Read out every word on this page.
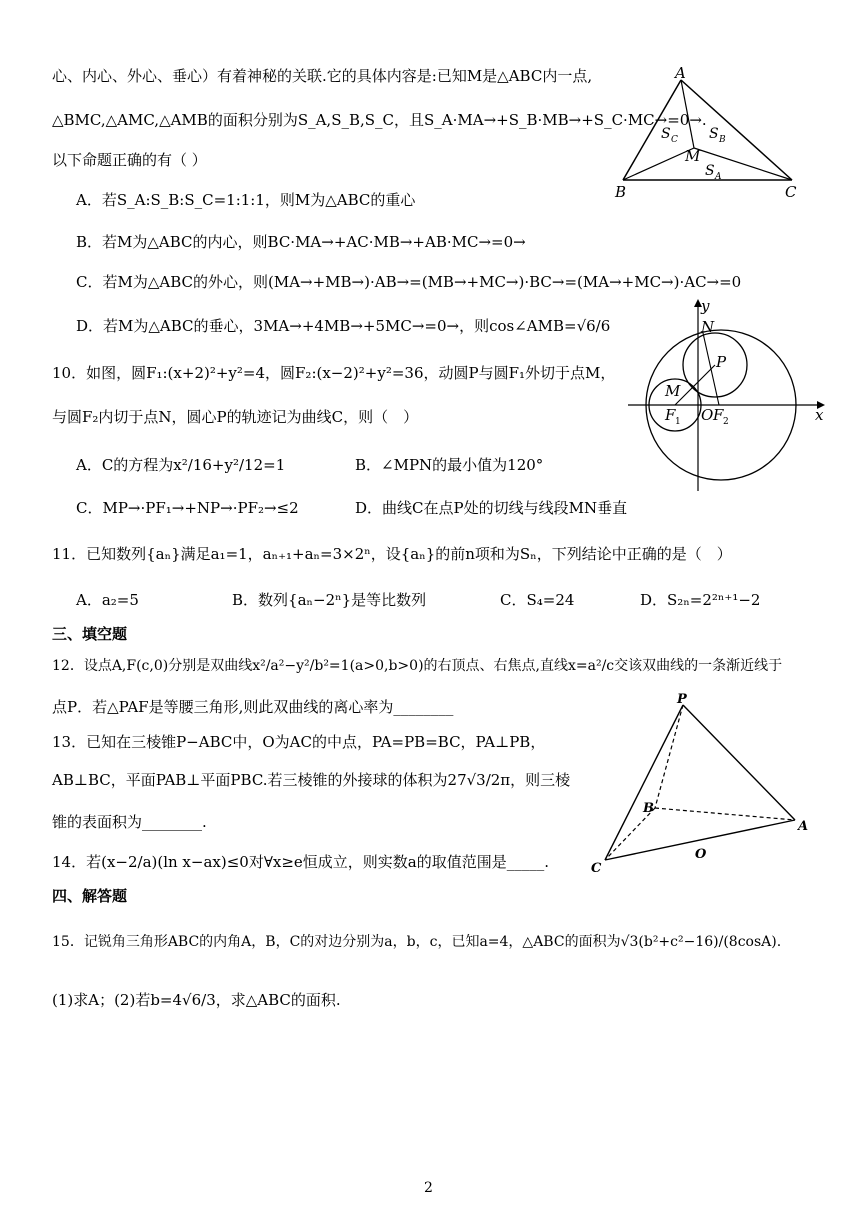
心、内心、外心、垂心）有着神秘的关联.它的具体内容是:已知M是△ABC内一点,
△BMC,△AMC,△AMB的面积分别为S_A,S_B,S_C，且S_A·MA→+S_B·MB→+S_C·MC→=0→.
以下命题正确的有（ ）
A．若S_A:S_B:S_C=1:1:1，则M为△ABC的重心
B．若M为△ABC的内心，则BC·MA→+AC·MB→+AB·MC→=0→
C．若M为△ABC的外心，则(MA→+MB→)·AB→=(MB→+MC→)·BC→=(MA→+MC→)·AC→=0
D．若M为△ABC的垂心，3MA→+4MB→+5MC→=0→，则cos∠AMB=√6/6
A
B	C
M
S C S B
S A
10．如图，圆F₁:(x+2)²+y²=4，圆F₂:(x−2)²+y²=36，动圆P与圆F₁外切于点M，
与圆F₂内切于点N，圆心P的轨迹记为曲线C，则（　）
A．C的方程为x²/16+y²/12=1	B．∠MPN的最小值为120°
C．MP→·PF₁→+NP→·PF₂→≤2	D．曲线C在点P处的切线与线段MN垂直
y
x
N
P
M
F 1 O F 2
11．已知数列{aₙ}满足a₁=1，aₙ₊₁+aₙ=3×2ⁿ，设{aₙ}的前n项和为Sₙ，下列结论中正确的是（　）
A．a₂=5	B．数列{aₙ−2ⁿ}是等比数列	C．S₄=24	D．S₂ₙ=2²ⁿ⁺¹−2
三、填空题
12．设点A,F(c,0)分别是双曲线x²/a²−y²/b²=1(a>0,b>0)的右顶点、右焦点,直线x=a²/c交该双曲线的一条渐近线于
点P．若△PAF是等腰三角形,则此双曲线的离心率为________
13．已知在三棱锥P−ABC中，O为AC的中点，PA=PB=BC，PA⊥PB，
AB⊥BC，平面PAB⊥平面PBC.若三棱锥的外接球的体积为27√3/2π，则三棱
锥的表面积为________.
P
B
A
O
C
14．若(x−2/a)(ln x−ax)≤0对∀x≥e恒成立，则实数a的取值范围是_____.
四、解答题
15．记锐角三角形ABC的内角A，B，C的对边分别为a，b，c，已知a=4，△ABC的面积为√3(b²+c²−16)/(8cosA).
(1)求A；(2)若b=4√6/3，求△ABC的面积.
2
